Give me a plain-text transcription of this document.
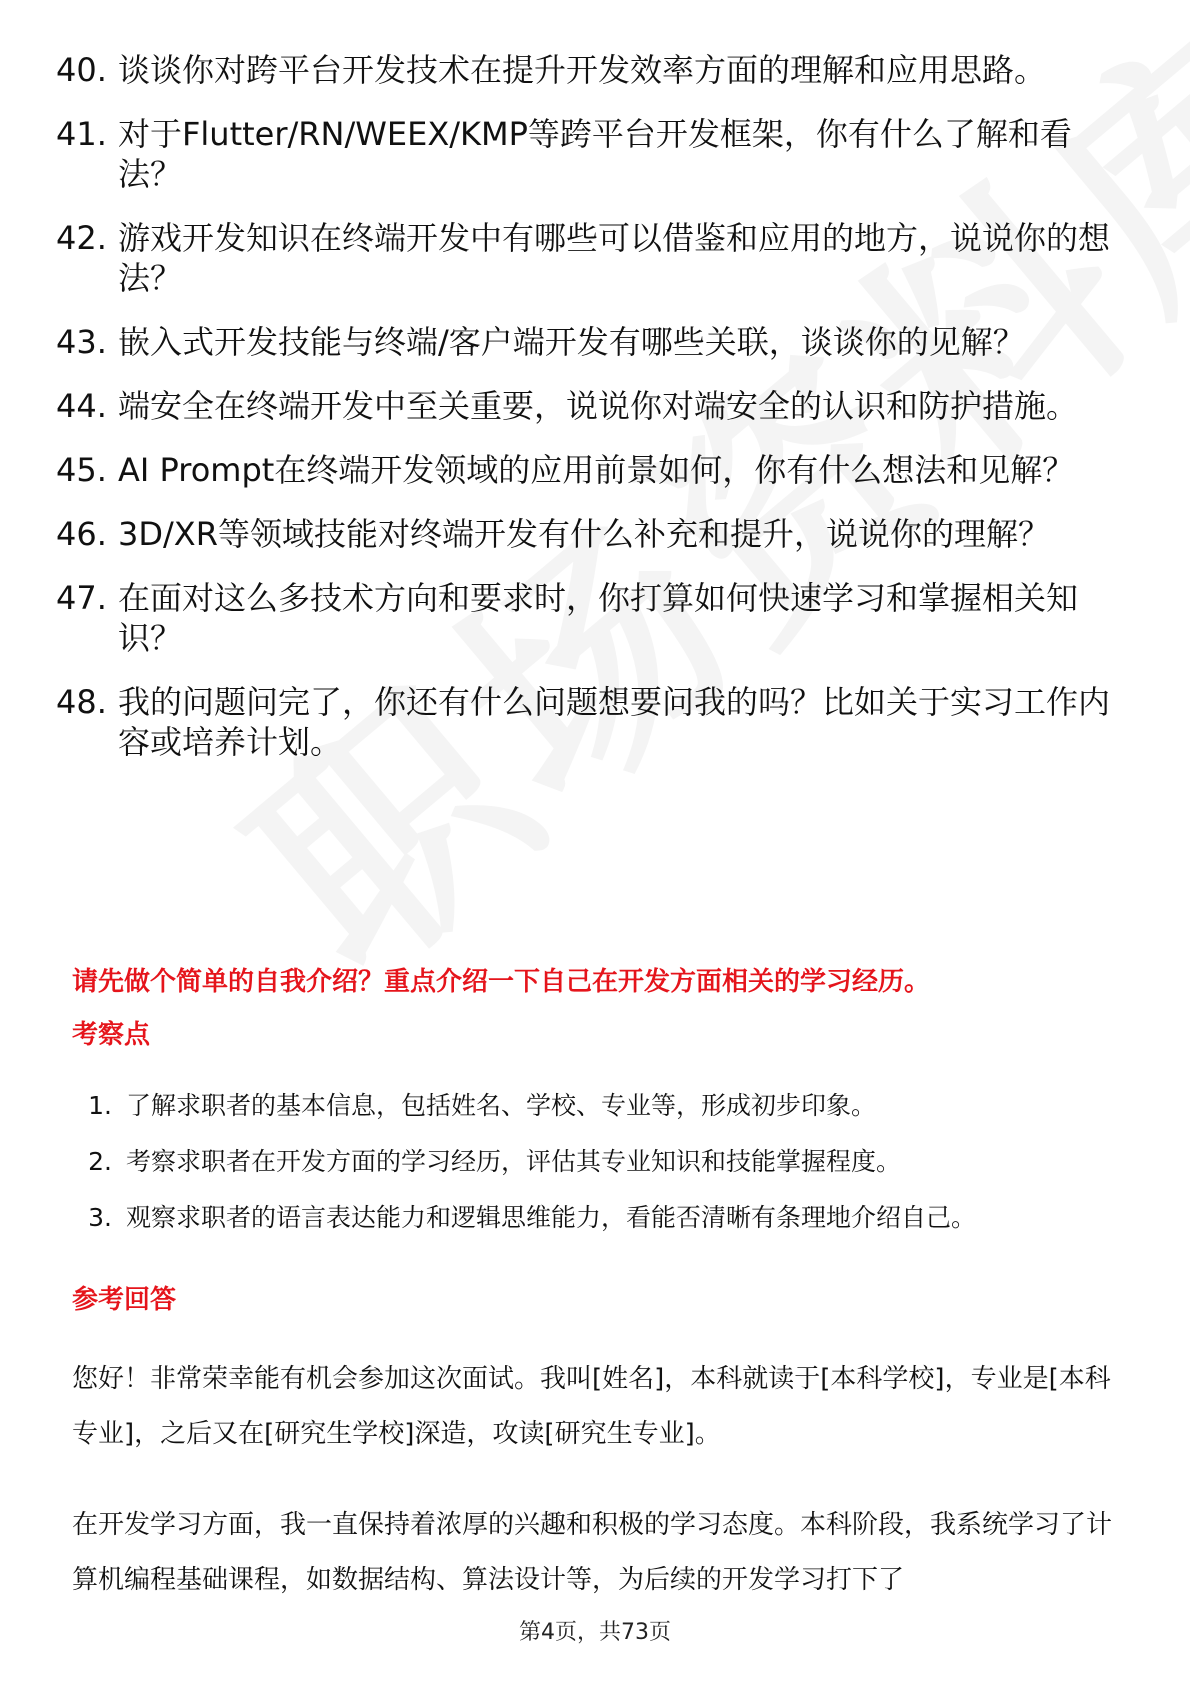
40. 谈谈你对跨平台开发技术在提升开发效率方面的理解和应用思路。
41. 对于Flutter/RN/WEEX/KMP等跨平台开发框架，你有什么了解和看法？
42. 游戏开发知识在终端开发中有哪些可以借鉴和应用的地方，说说你的想法？
43. 嵌入式开发技能与终端/客户端开发有哪些关联，谈谈你的见解？
44. 端安全在终端开发中至关重要，说说你对端安全的认识和防护措施。
45. AI Prompt在终端开发领域的应用前景如何，你有什么想法和见解？
46. 3D/XR等领域技能对终端开发有什么补充和提升，说说你的理解？
47. 在面对这么多技术方向和要求时，你打算如何快速学习和掌握相关知识？
48. 我的问题问完了，你还有什么问题想要问我的吗？比如关于实习工作内容或培养计划。
请先做个简单的自我介绍？重点介绍一下自己在开发方面相关的学习经历。
考察点
1. 了解求职者的基本信息，包括姓名、学校、专业等，形成初步印象。
2. 考察求职者在开发方面的学习经历，评估其专业知识和技能掌握程度。
3. 观察求职者的语言表达能力和逻辑思维能力，看能否清晰有条理地介绍自己。
参考回答

您好！非常荣幸能有机会参加这次面试。我叫[姓名]，本科就读于[本科学校]，专业是[本科专业]，之后又在[研究生学校]深造，攻读[研究生专业]。

在开发学习方面，我一直保持着浓厚的兴趣和积极的学习态度。本科阶段，我系统学习了计算机编程基础课程，如数据结构、算法设计等，为后续的开发学习打下了

第4页，共73页
